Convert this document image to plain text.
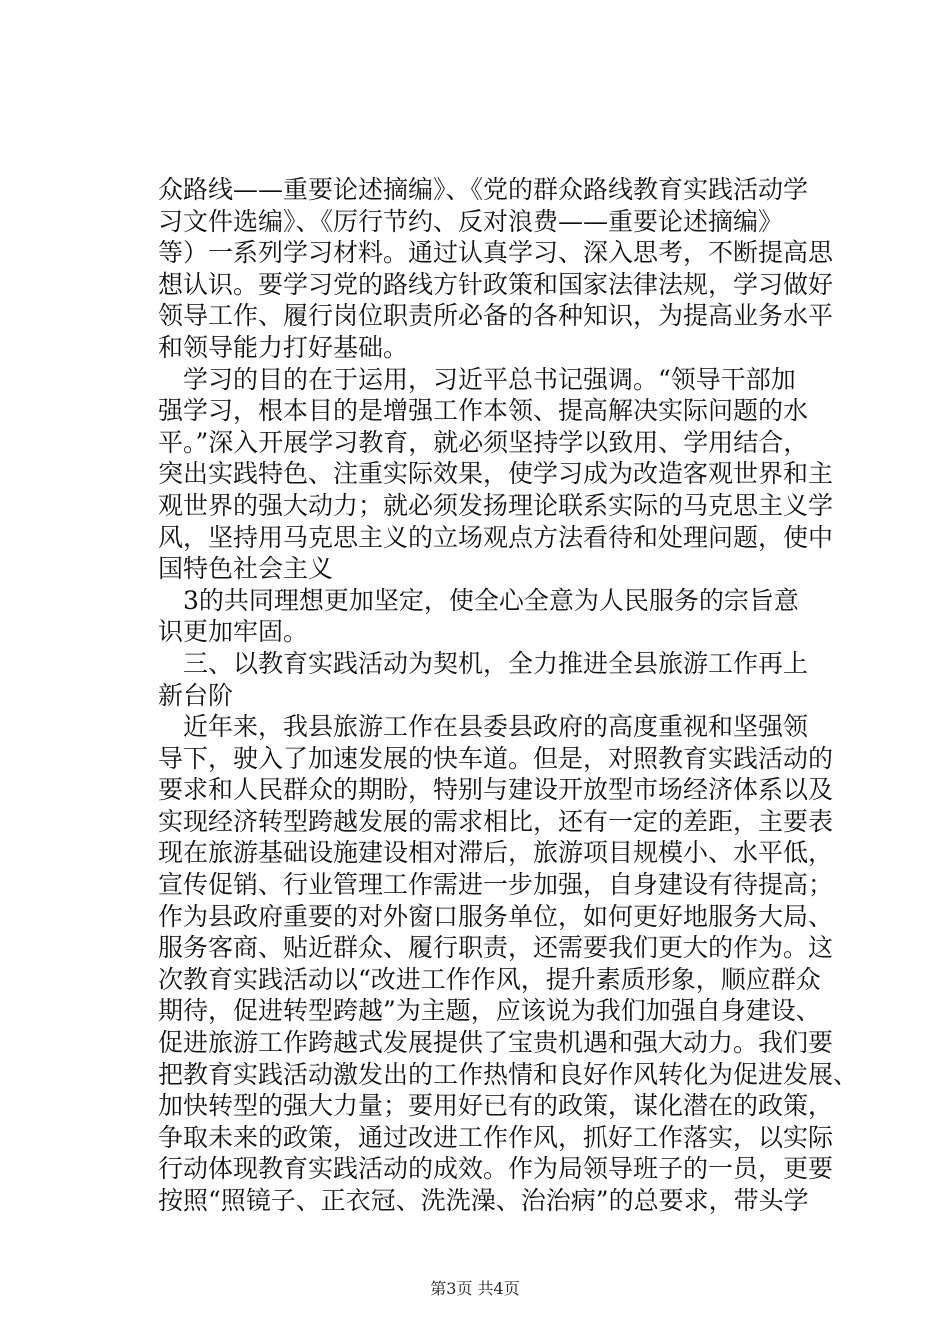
众路线——重要论述摘编》、《党的群众路线教育实践活动学
习文件选编》、《厉行节约、反对浪费——重要论述摘编》
等）一系列学习材料。通过认真学习、深入思考，不断提高思
想认识。要学习党的路线方针政策和国家法律法规，学习做好
领导工作、履行岗位职责所必备的各种知识，为提高业务水平
和领导能力打好基础。
学习的目的在于运用，习近平总书记强调。“领导干部加
强学习，根本目的是增强工作本领、提高解决实际问题的水
平。”深入开展学习教育，就必须坚持学以致用、学用结合，
突出实践特色、注重实际效果，使学习成为改造客观世界和主
观世界的强大动力；就必须发扬理论联系实际的马克思主义学
风，坚持用马克思主义的立场观点方法看待和处理问题，使中
国特色社会主义
3的共同理想更加坚定，使全心全意为人民服务的宗旨意
识更加牢固。
三、以教育实践活动为契机，全力推进全县旅游工作再上
新台阶
近年来，我县旅游工作在县委县政府的高度重视和坚强领
导下，驶入了加速发展的快车道。但是，对照教育实践活动的
要求和人民群众的期盼，特别与建设开放型市场经济体系以及
实现经济转型跨越发展的需求相比，还有一定的差距，主要表
现在旅游基础设施建设相对滞后，旅游项目规模小、水平低，
宣传促销、行业管理工作需进一步加强，自身建设有待提高；
作为县政府重要的对外窗口服务单位，如何更好地服务大局、
服务客商、贴近群众、履行职责，还需要我们更大的作为。这
次教育实践活动以“改进工作作风，提升素质形象，顺应群众
期待，促进转型跨越”为主题，应该说为我们加强自身建设、
促进旅游工作跨越式发展提供了宝贵机遇和强大动力。我们要
把教育实践活动激发出的工作热情和良好作风转化为促进发展、
加快转型的强大力量；要用好已有的政策，谋化潜在的政策，
争取未来的政策，通过改进工作作风，抓好工作落实，以实际
行动体现教育实践活动的成效。作为局领导班子的一员，更要
按照“照镜子、正衣冠、洗洗澡、治治病”的总要求，带头学
第3页 共4页
